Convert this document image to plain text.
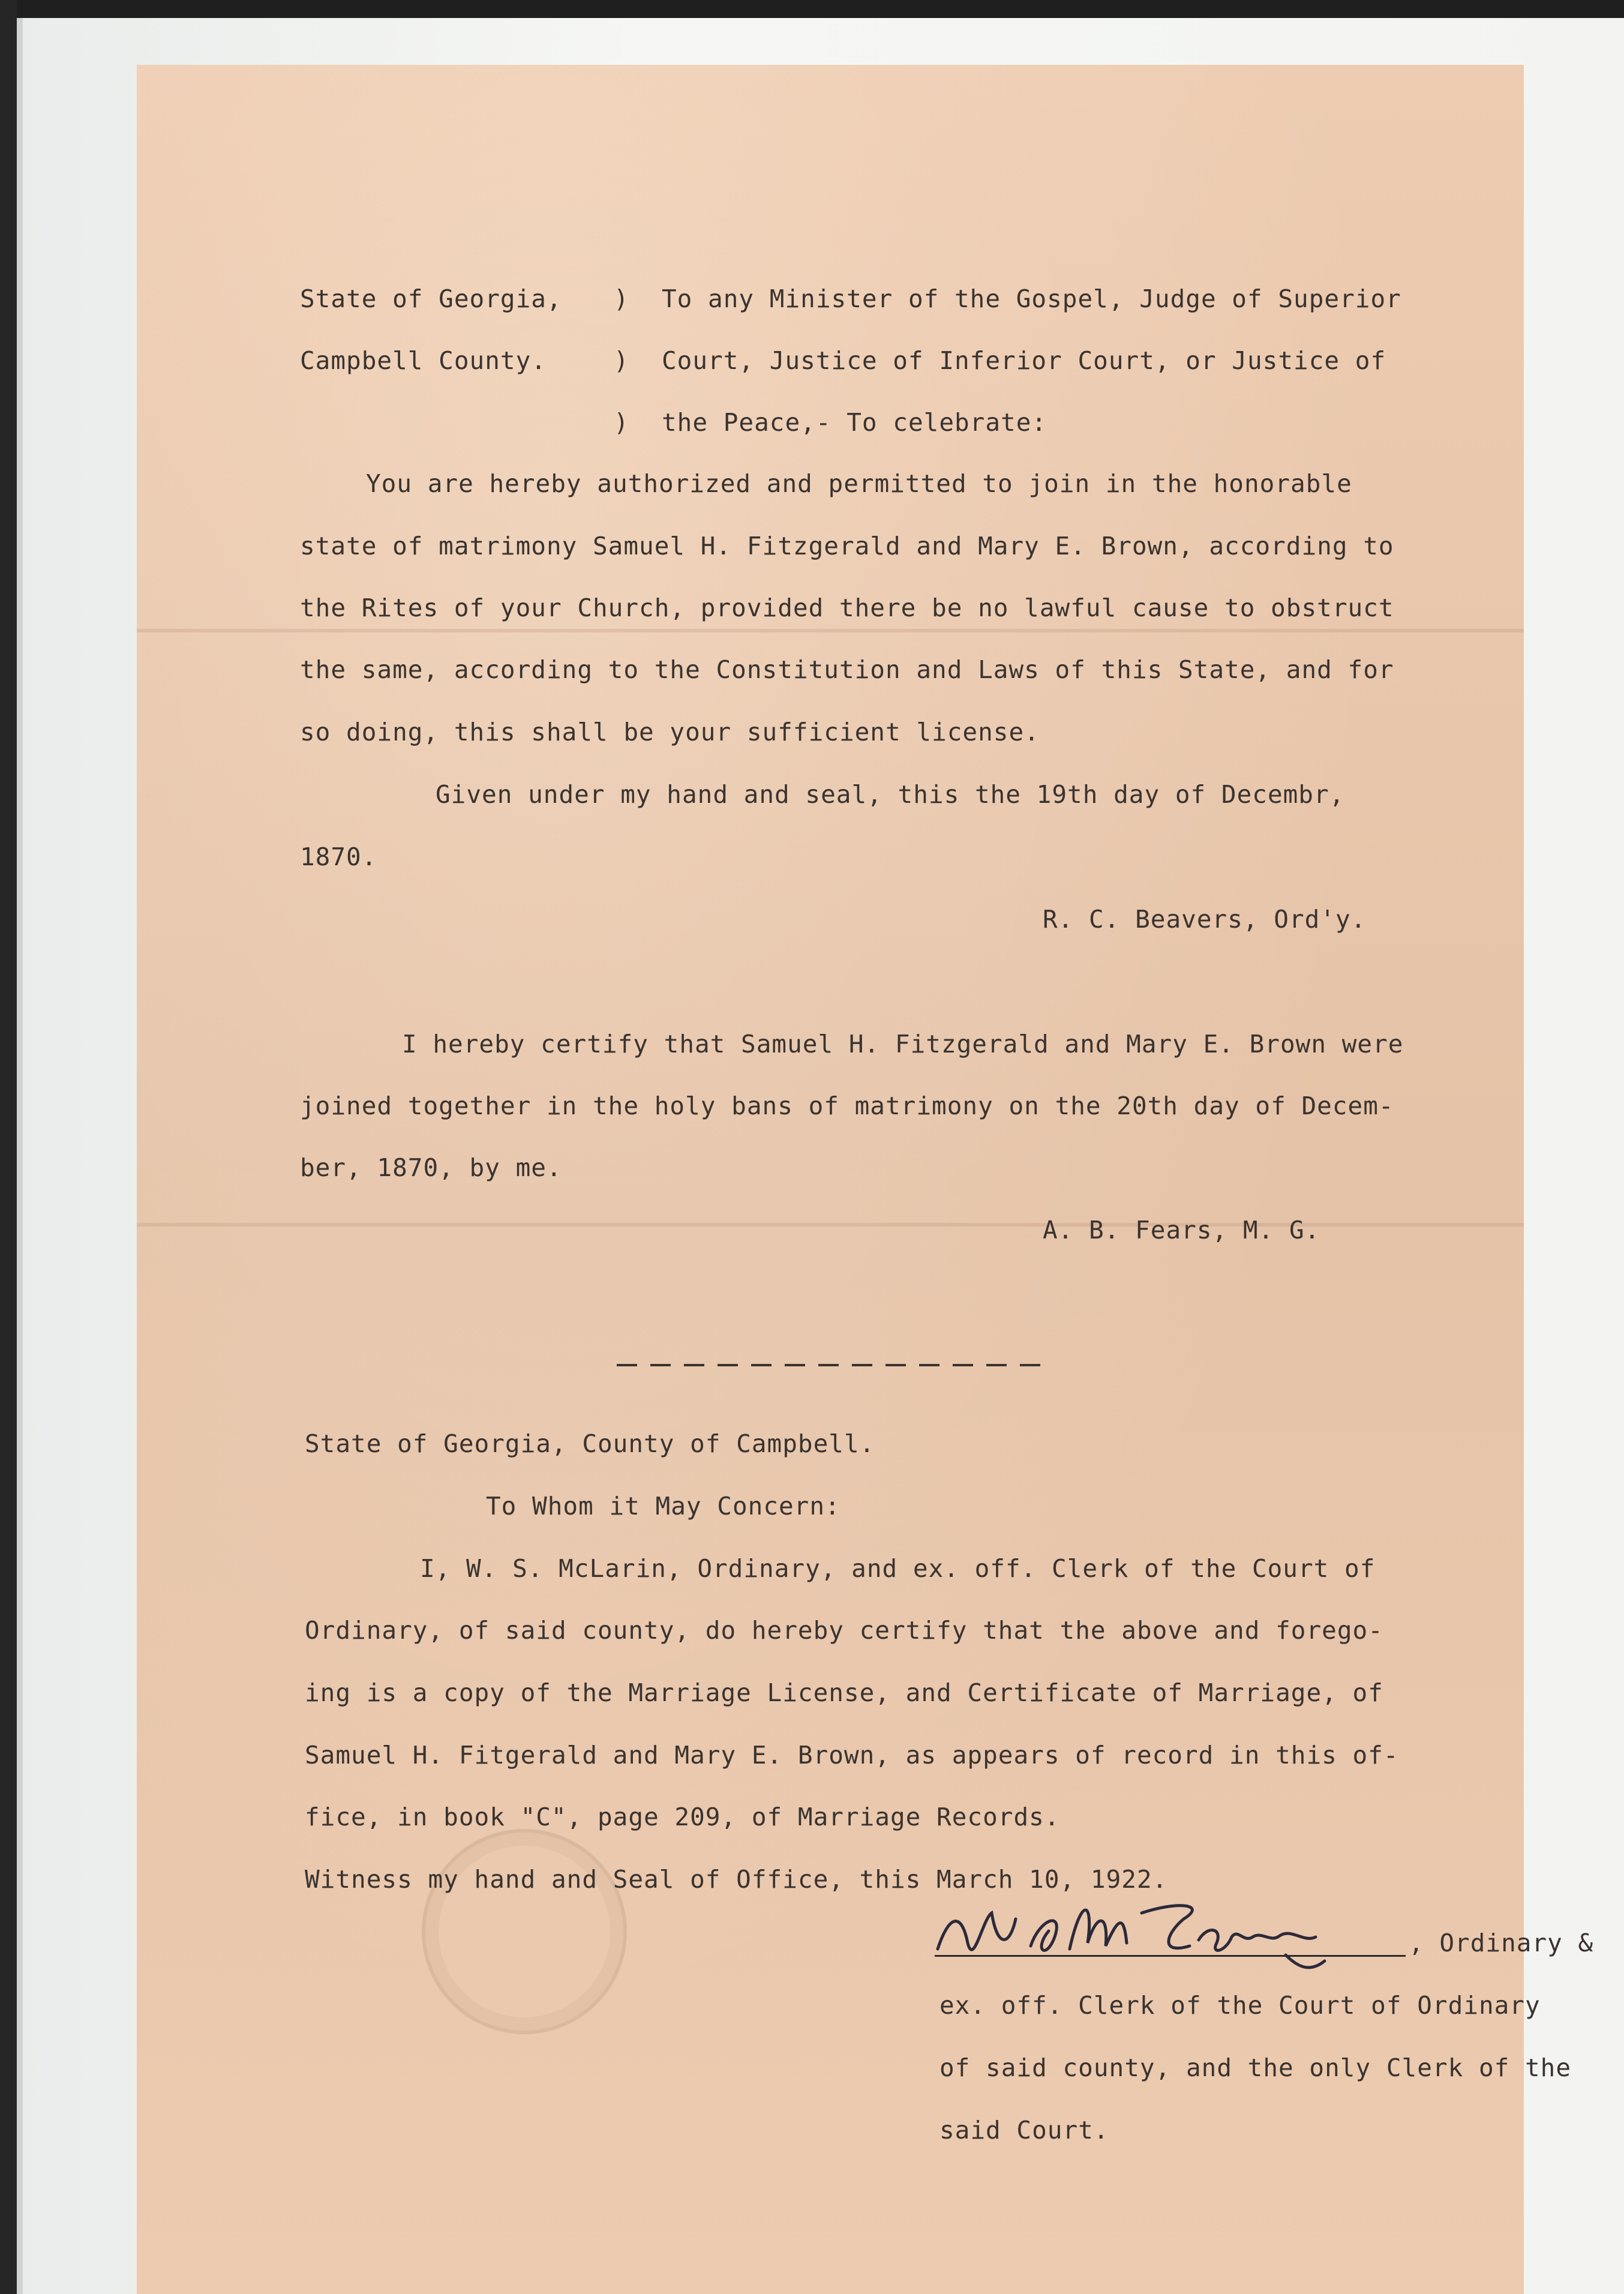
State of Georgia,
Campbell County.
)
)
)
To any Minister of the Gospel, Judge of Superior
Court, Justice of Inferior Court, or Justice of
the Peace,- To celebrate:
You are hereby authorized and permitted to join in the honorable
state of matrimony Samuel H. Fitzgerald and Mary E. Brown, according to
the Rites of your Church, provided there be no lawful cause to obstruct
the same, according to the Constitution and Laws of this State, and for
so doing, this shall be your sufficient license.
Given under my hand and seal, this the 19th day of Decembr,
1870.
R. C. Beavers, Ord'y.
I hereby certify that Samuel H. Fitzgerald and Mary E. Brown were
joined together in the holy bans of matrimony on the 20th day of Decem-
ber, 1870, by me.
A. B. Fears, M. G.
State of Georgia, County of Campbell.
To Whom it May Concern:
I, W. S. McLarin, Ordinary, and ex. off. Clerk of the Court of
Ordinary, of said county, do hereby certify that the above and forego-
ing is a copy of the Marriage License, and Certificate of Marriage, of
Samuel H. Fitgerald and Mary E. Brown, as appears of record in this of-
fice, in book "C", page 209, of Marriage Records.
Witness my hand and Seal of Office, this March 10, 1922.
, Ordinary &
ex. off. Clerk of the Court of Ordinary
of said county, and the only Clerk of the
said Court.
